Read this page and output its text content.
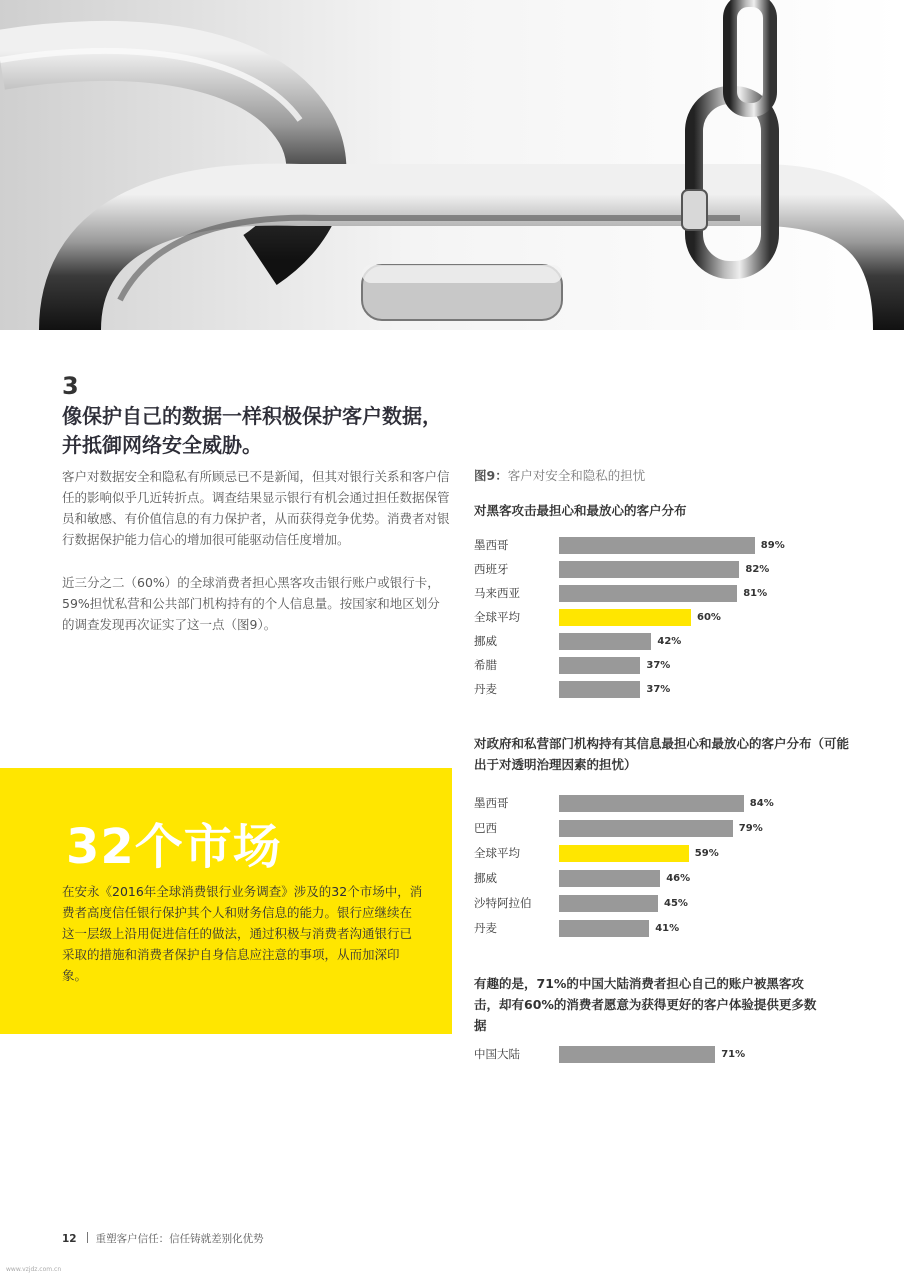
3

像保护自己的数据一样积极保护客户数据，并抵御网络安全威胁。

客户对数据安全和隐私有所顾忌已不是新闻，但其对银行关系和客户信任的影响似乎几近转折点。调查结果显示银行有机会通过担任数据保管员和敏感、有价值信息的有力保护者，从而获得竞争优势。消费者对银行数据保护能力信心的增加很可能驱动信任度增加。

近三分之二（60%）的全球消费者担心黑客攻击银行账户或银行卡，59%担忧私营和公共部门机构持有的个人信息量。按国家和地区划分的调查发现再次证实了这一点（图9）。

32个市场

在安永《2016年全球消费银行业务调查》涉及的32个市场中，消费者高度信任银行保护其个人和财务信息的能力。银行应继续在这一层级上沿用促进信任的做法，通过积极与消费者沟通银行已采取的措施和消费者保护自身信息应注意的事项，从而加深印象。

图9：客户对安全和隐私的担忧

对黑客攻击最担心和最放心的客户分布

墨西哥	89%
西班牙	82%
马来西亚	81%
全球平均	60%
挪威	42%
希腊	37%
丹麦	37%

对政府和私营部门机构持有其信息最担心和最放心的客户分布（可能出于对透明治理因素的担忧）

墨西哥	84%
巴西	79%
全球平均	59%
挪威	46%
沙特阿拉伯	45%
丹麦	41%

有趣的是，71%的中国大陆消费者担心自己的账户被黑客攻击，却有60%的消费者愿意为获得更好的客户体验提供更多数据

中国大陆	71%
12 重塑客户信任：信任铸就差别化优势
www.vzjdz.com.cn
